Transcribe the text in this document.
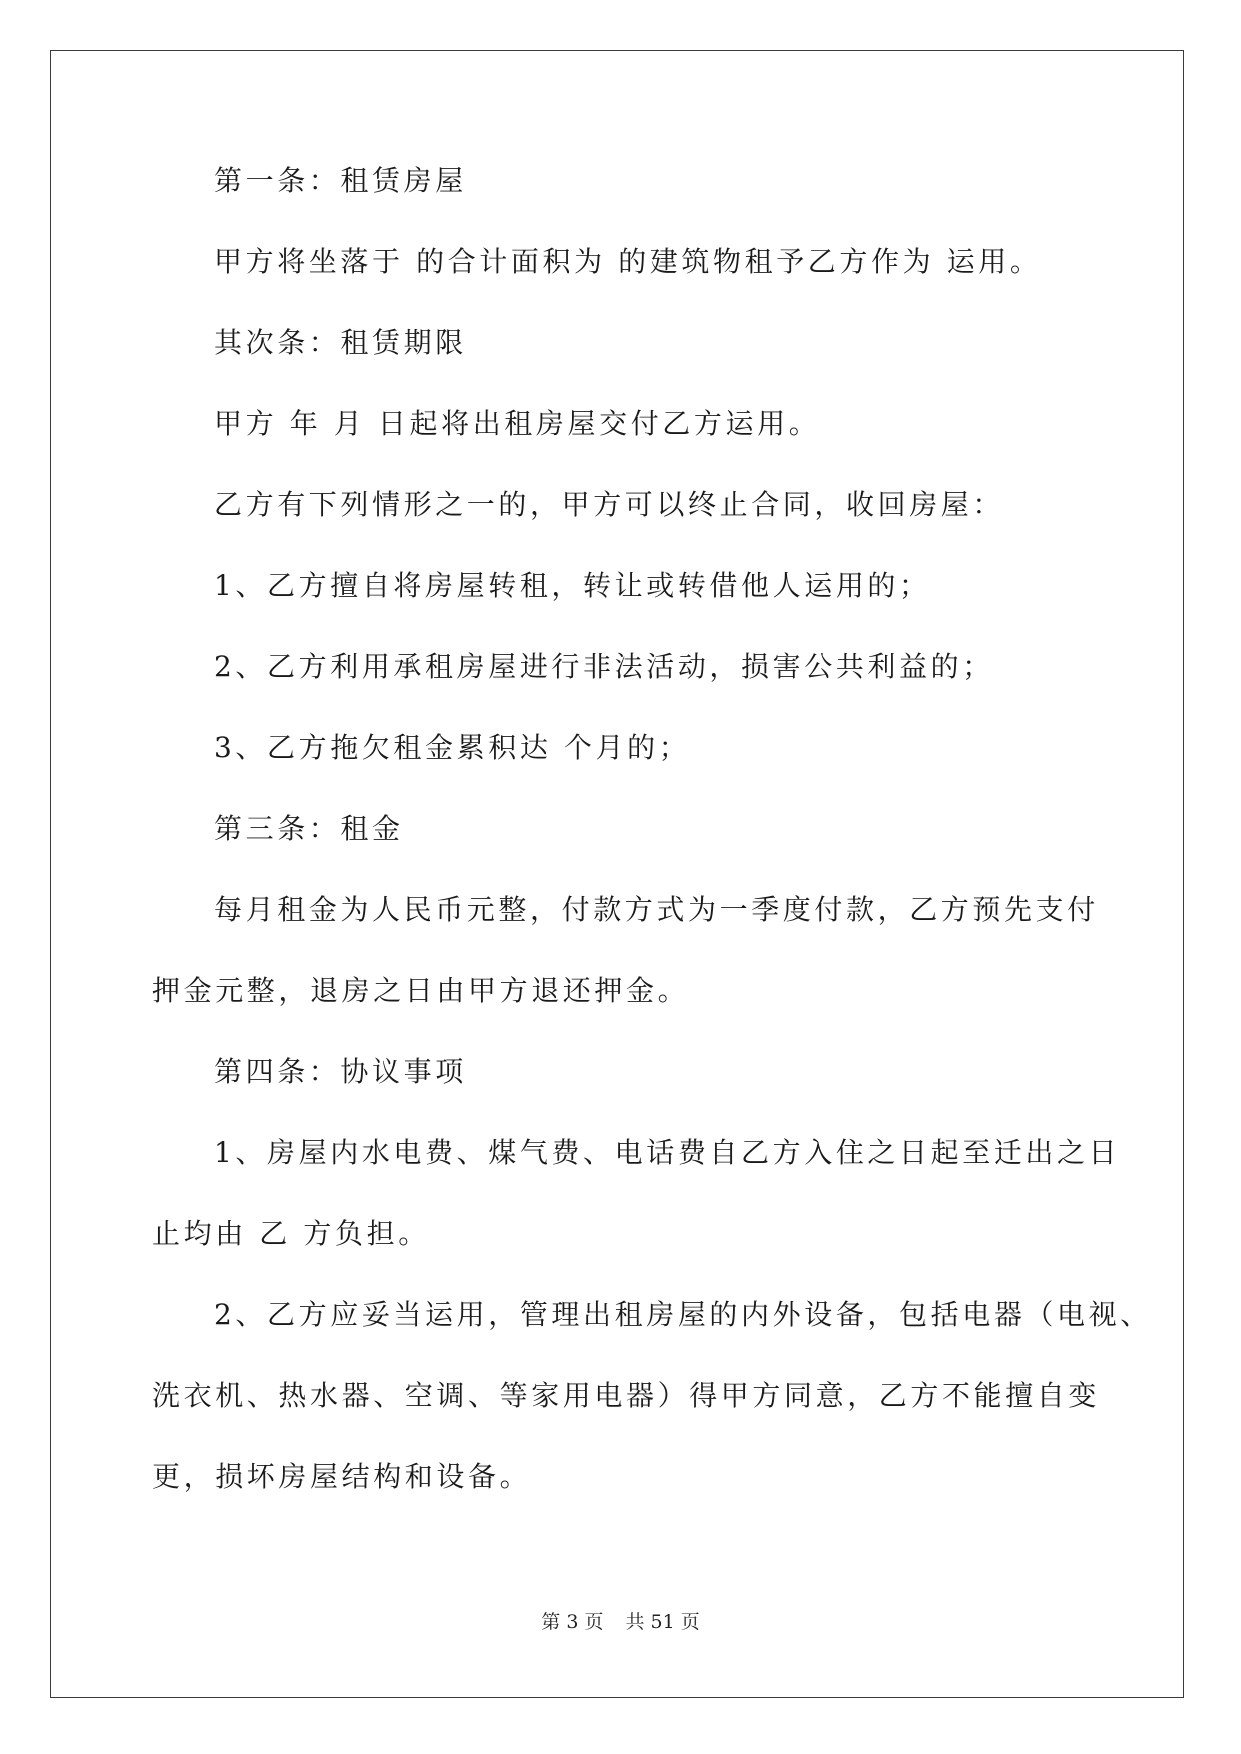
第一条：租赁房屋

甲方将坐落于 的合计面积为 的建筑物租予乙方作为 运用。

其次条：租赁期限

甲方 年 月 日起将出租房屋交付乙方运用。

乙方有下列情形之一的，甲方可以终止合同，收回房屋：

1、乙方擅自将房屋转租，转让或转借他人运用的；

2、乙方利用承租房屋进行非法活动，损害公共利益的；

3、乙方拖欠租金累积达 个月的；

第三条：租金

每月租金为人民币元整，付款方式为一季度付款，乙方预先支付
押金元整，退房之日由甲方退还押金。

第四条：协议事项

1、房屋内水电费、煤气费、电话费自乙方入住之日起至迁出之日
止均由 乙 方负担。

2、乙方应妥当运用，管理出租房屋的内外设备，包括电器（电视、
洗衣机、热水器、空调、等家用电器）得甲方同意，乙方不能擅自变
更，损坏房屋结构和设备。

第 3 页 共 51 页
